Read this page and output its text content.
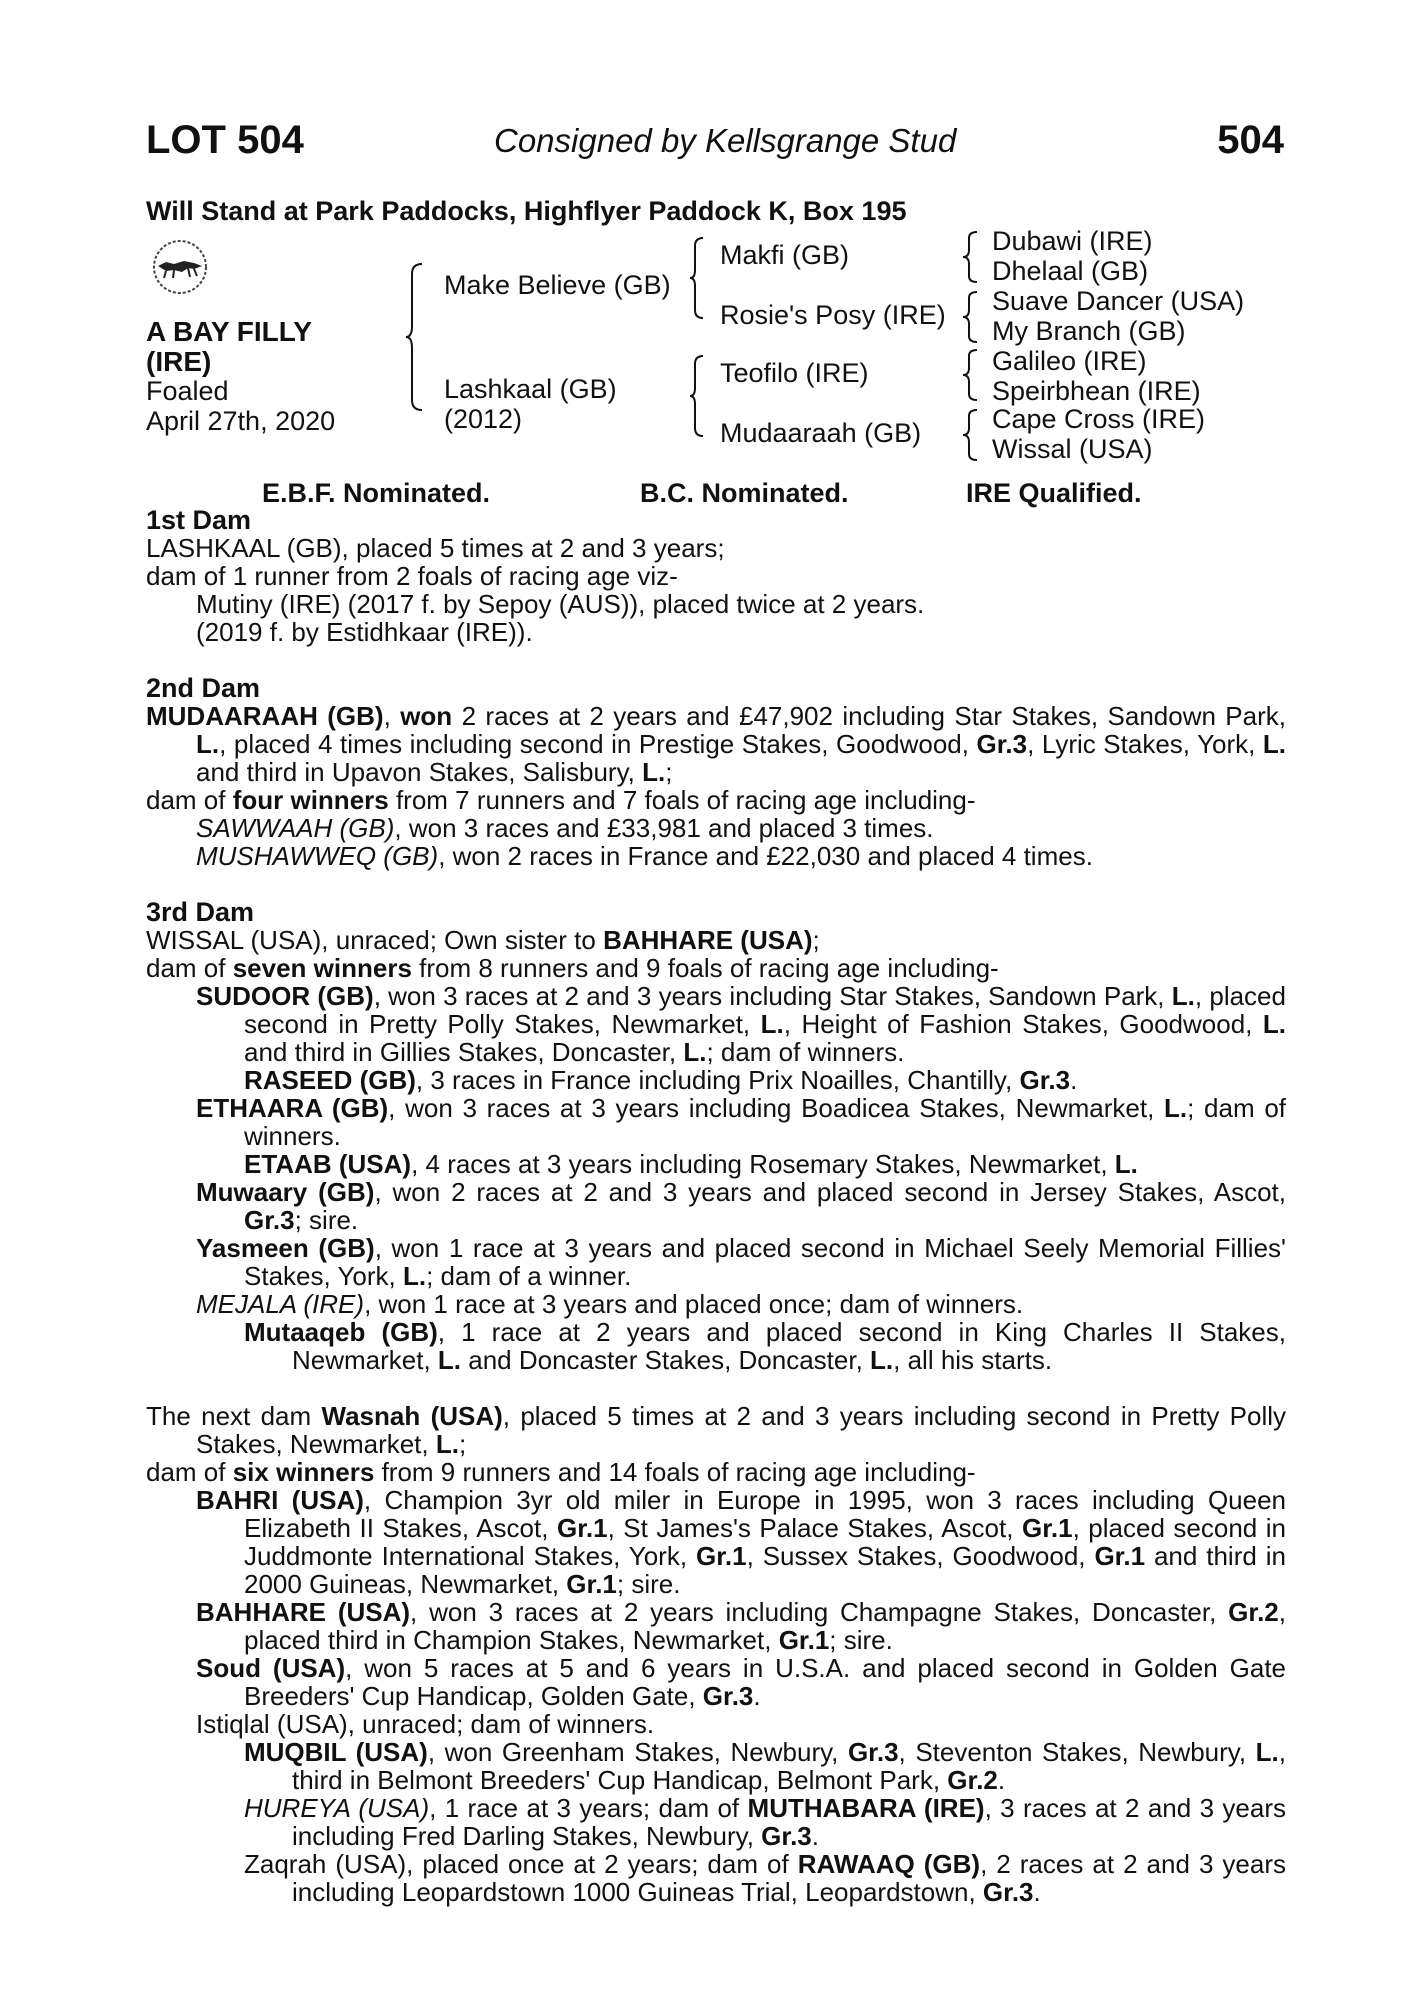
LOT 504	Consigned by Kellsgrange Stud	504
Will Stand at Park Paddocks, Highflyer Paddock K, Box 195
A BAY FILLY
(IRE)
Foaled
April 27th, 2020
Make Believe (GB)
Lashkaal (GB)
(2012)
Makfi (GB)
Rosie's Posy (IRE)
Teofilo (IRE)
Mudaaraah (GB)
Dubawi (IRE)
Dhelaal (GB)
Suave Dancer (USA)
My Branch (GB)
Galileo (IRE)
Speirbhean (IRE)
Cape Cross (IRE)
Wissal (USA)
E.B.F. Nominated.	B.C. Nominated.	IRE Qualified.

1st Dam

LASHKAAL (GB), placed 5 times at 2 and 3 years;

dam of 1 runner from 2 foals of racing age viz-

Mutiny (IRE) (2017 f. by Sepoy (AUS)), placed twice at 2 years.

(2019 f. by Estidhkaar (IRE)).

2nd Dam

MUDAARAAH (GB), won 2 races at 2 years and £47,902 including Star Stakes, Sandown Park, L., placed 4 times including second in Prestige Stakes, Goodwood, Gr.3, Lyric Stakes, York, L. and third in Upavon Stakes, Salisbury, L.;

dam of four winners from 7 runners and 7 foals of racing age including-

SAWWAAH (GB), won 3 races and £33,981 and placed 3 times.

MUSHAWWEQ (GB), won 2 races in France and £22,030 and placed 4 times.

3rd Dam

WISSAL (USA), unraced; Own sister to BAHHARE (USA);

dam of seven winners from 8 runners and 9 foals of racing age including-

SUDOOR (GB), won 3 races at 2 and 3 years including Star Stakes, Sandown Park, L., placed second in Pretty Polly Stakes, Newmarket, L., Height of Fashion Stakes, Goodwood, L. and third in Gillies Stakes, Doncaster, L.; dam of winners.

RASEED (GB), 3 races in France including Prix Noailles, Chantilly, Gr.3.

ETHAARA (GB), won 3 races at 3 years including Boadicea Stakes, Newmarket, L.; dam of winners.

ETAAB (USA), 4 races at 3 years including Rosemary Stakes, Newmarket, L.

Muwaary (GB), won 2 races at 2 and 3 years and placed second in Jersey Stakes, Ascot, Gr.3; sire.

Yasmeen (GB), won 1 race at 3 years and placed second in Michael Seely Memorial Fillies' Stakes, York, L.; dam of a winner.

MEJALA (IRE), won 1 race at 3 years and placed once; dam of winners.

Mutaaqeb (GB), 1 race at 2 years and placed second in King Charles II Stakes, Newmarket, L. and Doncaster Stakes, Doncaster, L., all his starts.

The next dam Wasnah (USA), placed 5 times at 2 and 3 years including second in Pretty Polly Stakes, Newmarket, L.;

dam of six winners from 9 runners and 14 foals of racing age including-

BAHRI (USA), Champion 3yr old miler in Europe in 1995, won 3 races including Queen Elizabeth II Stakes, Ascot, Gr.1, St James's Palace Stakes, Ascot, Gr.1, placed second in Juddmonte International Stakes, York, Gr.1, Sussex Stakes, Goodwood, Gr.1 and third in 2000 Guineas, Newmarket, Gr.1; sire.

BAHHARE (USA), won 3 races at 2 years including Champagne Stakes, Doncaster, Gr.2, placed third in Champion Stakes, Newmarket, Gr.1; sire.

Soud (USA), won 5 races at 5 and 6 years in U.S.A. and placed second in Golden Gate Breeders' Cup Handicap, Golden Gate, Gr.3.

Istiqlal (USA), unraced; dam of winners.

MUQBIL (USA), won Greenham Stakes, Newbury, Gr.3, Steventon Stakes, Newbury, L., third in Belmont Breeders' Cup Handicap, Belmont Park, Gr.2.

HUREYA (USA), 1 race at 3 years; dam of MUTHABARA (IRE), 3 races at 2 and 3 years including Fred Darling Stakes, Newbury, Gr.3.

Zaqrah (USA), placed once at 2 years; dam of RAWAAQ (GB), 2 races at 2 and 3 years including Leopardstown 1000 Guineas Trial, Leopardstown, Gr.3.
